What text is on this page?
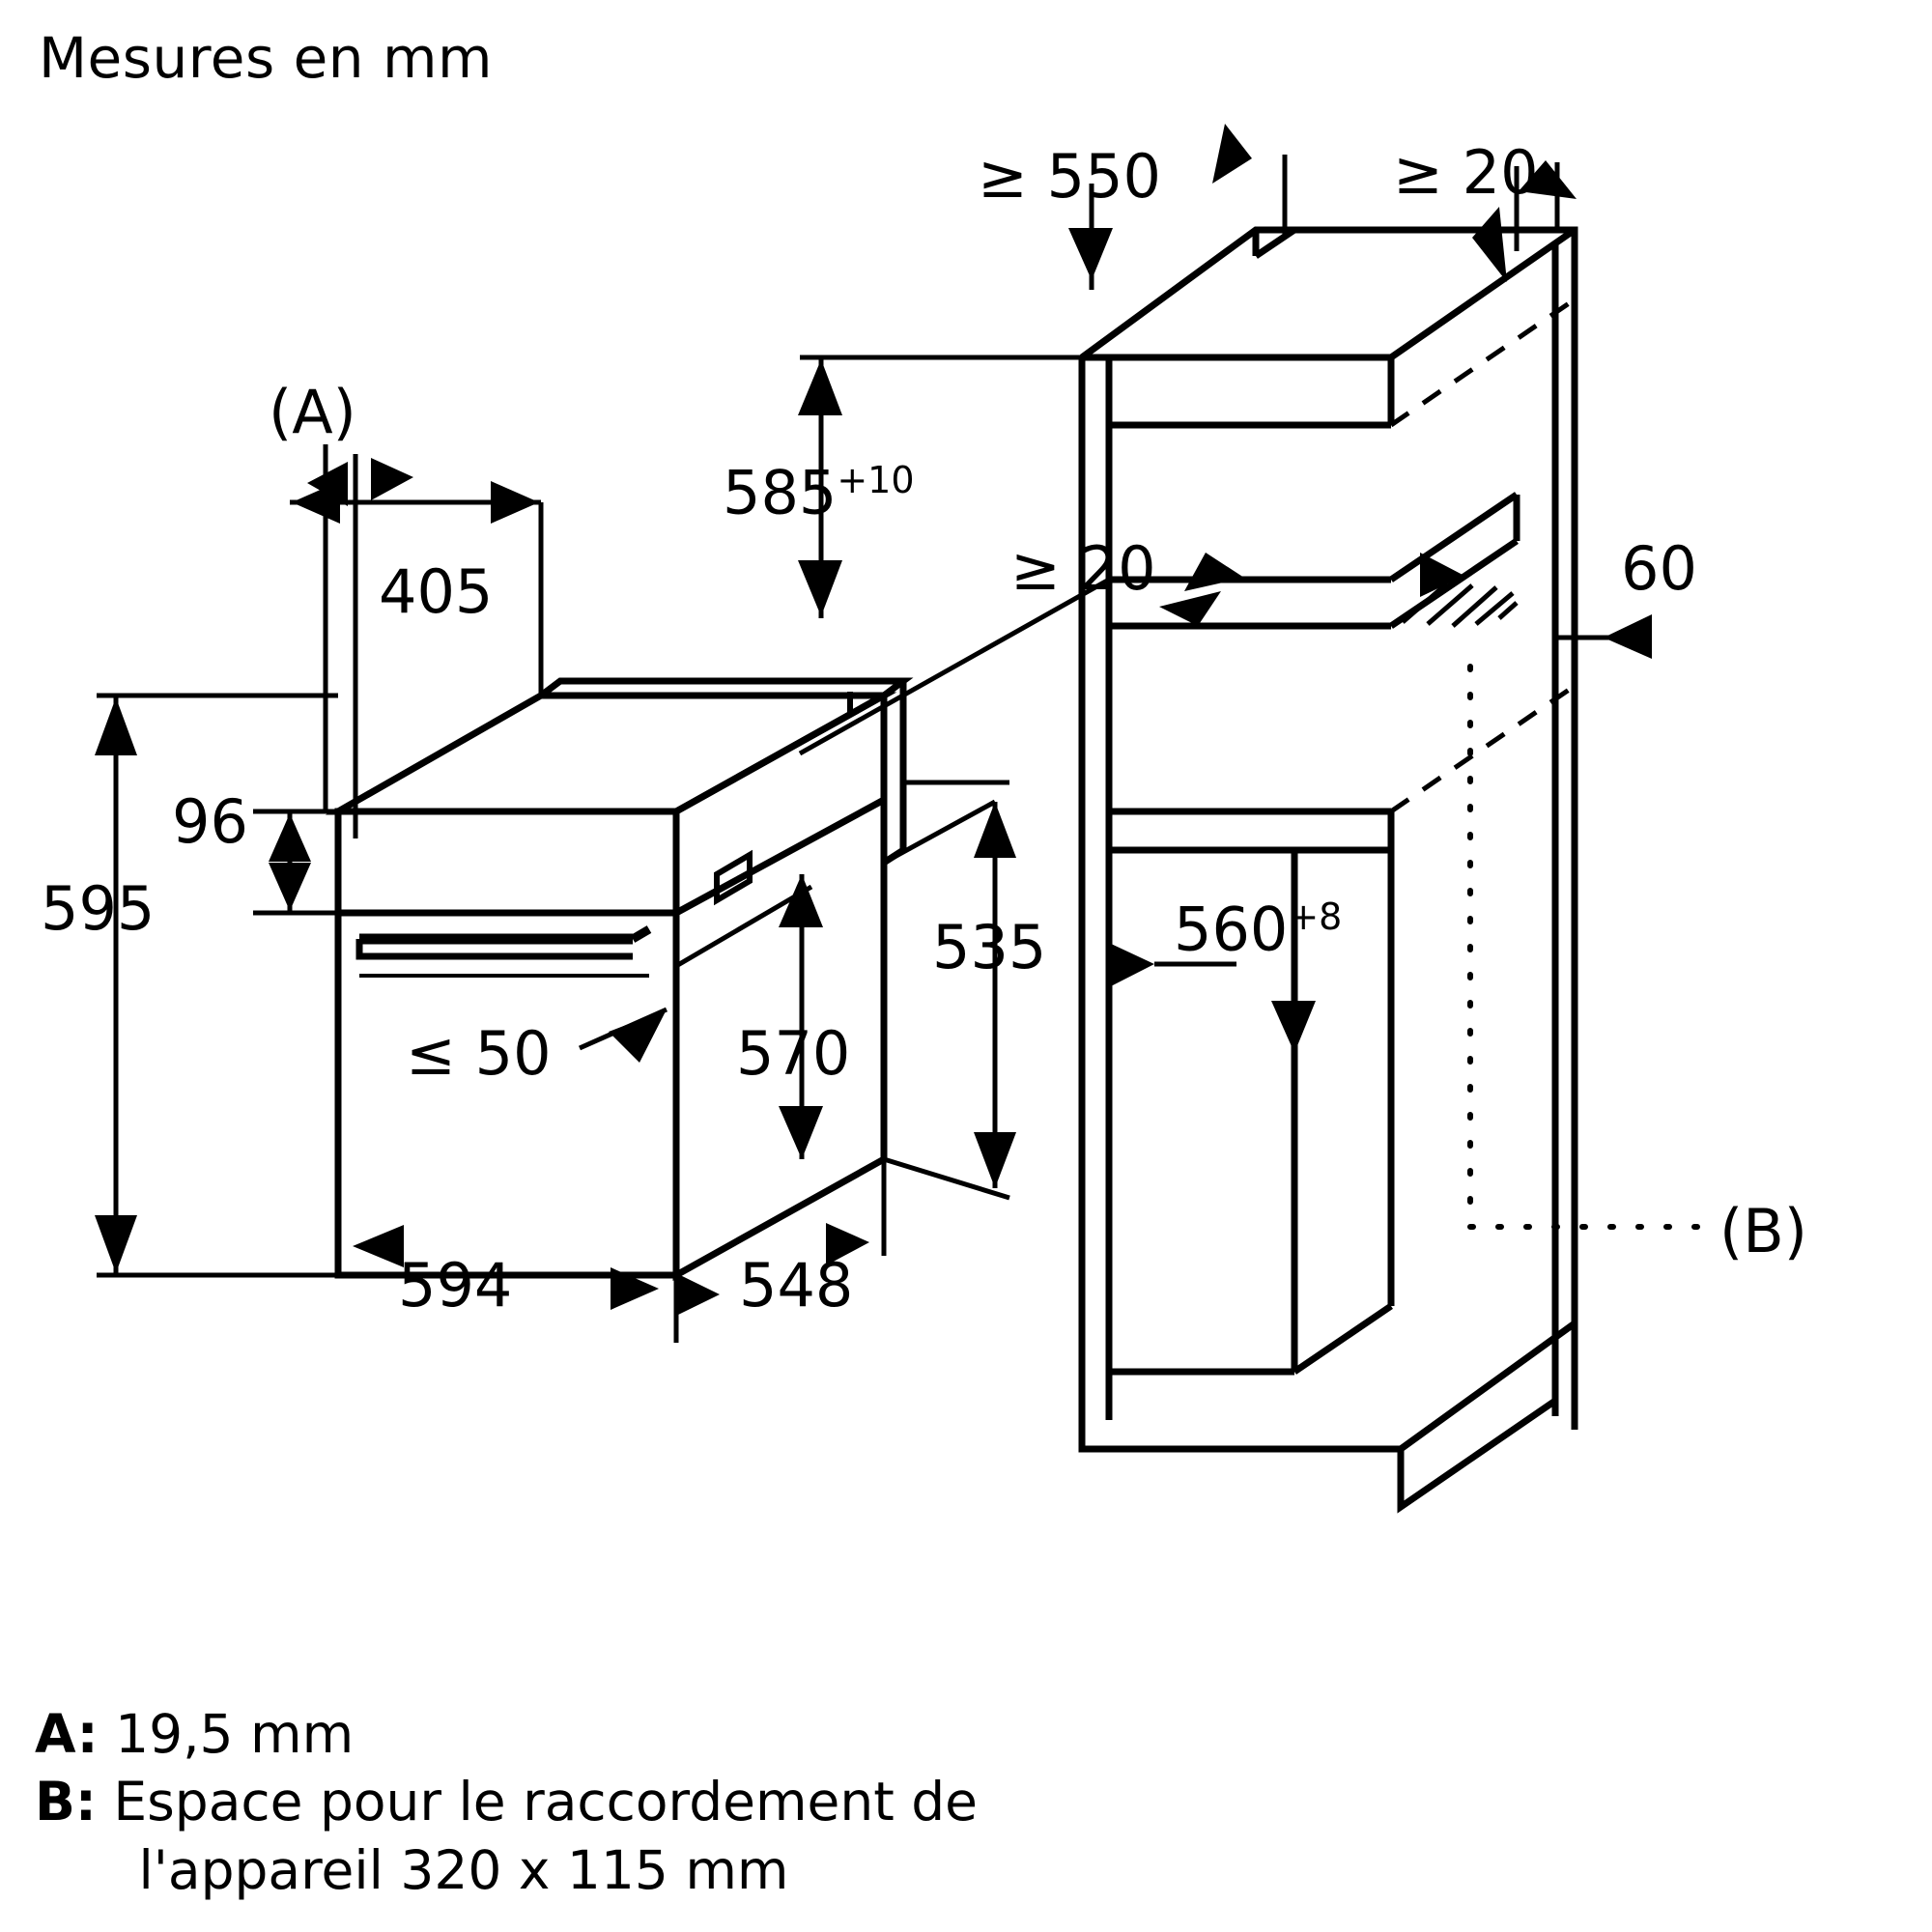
Mesures en mm
(A)
(B)
405
96
595
≤ 50	570
535
594	548
≥ 550	≥ 20
$585^{+10}$
≥ 20	60
$560^{+8}$
A: 19,5 mm
B: Espace pour le raccordement de
l'appareil 320 x 115 mm
